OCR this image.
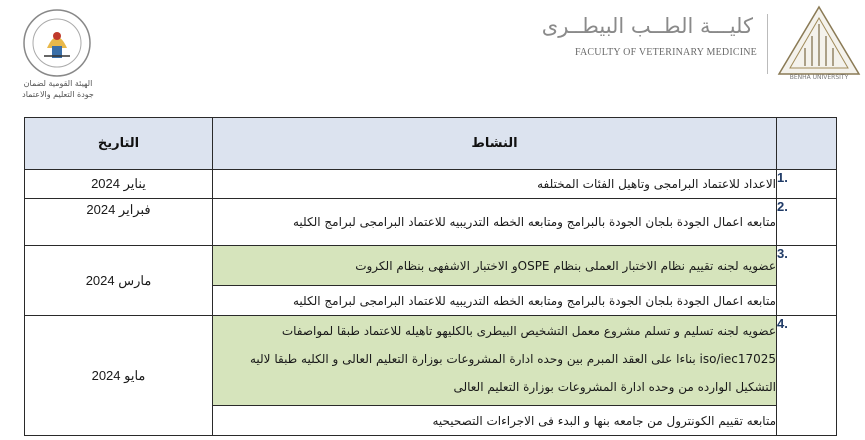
الهيئة القومية لضمان
جودة التعليم والاعتماد
كليـــة الطــب البيطــرى
FACULTY OF VETERINARY MEDICINE
BENHA UNIVERSITY
التاريخ	النشاط	
يناير 2024	الاعداد للاعتماد البرامجى وتاهيل الفئات المختلفه	1.
فبراير 2024	متابعه اعمال الجودة بلجان الجودة بالبرامج ومتابعه الخطه التدريبيه للاعتماد البرامجى لبرامج الكليه	2.
مارس 2024	عضويه لجنه تقييم نظام الاختبار العملى بنظام OSPEو الاختبار الاشفهى بنظام الكروت	3.
	متابعه اعمال الجودة بلجان الجودة بالبرامج ومتابعه الخطه التدريبيه للاعتماد البرامجى لبرامج الكليه	
مايو 2024	عضويه لجنه تسليم و تسلم مشروع معمل التشخيص البيطرى بالكليهو تاهيله للاعتماد طبقا لمواصفات iso/iec17025 بناءا على العقد المبرم بين وحده ادارة المشروعات بوزارة التعليم العالى و الكليه طبقا لاليه التشكيل الوارده من وحده ادارة المشروعات بوزارة التعليم العالى	4.
	متابعه تقييم الكونترول من جامعه بنها و البدء فى الاجراءات التصحيحيه	
